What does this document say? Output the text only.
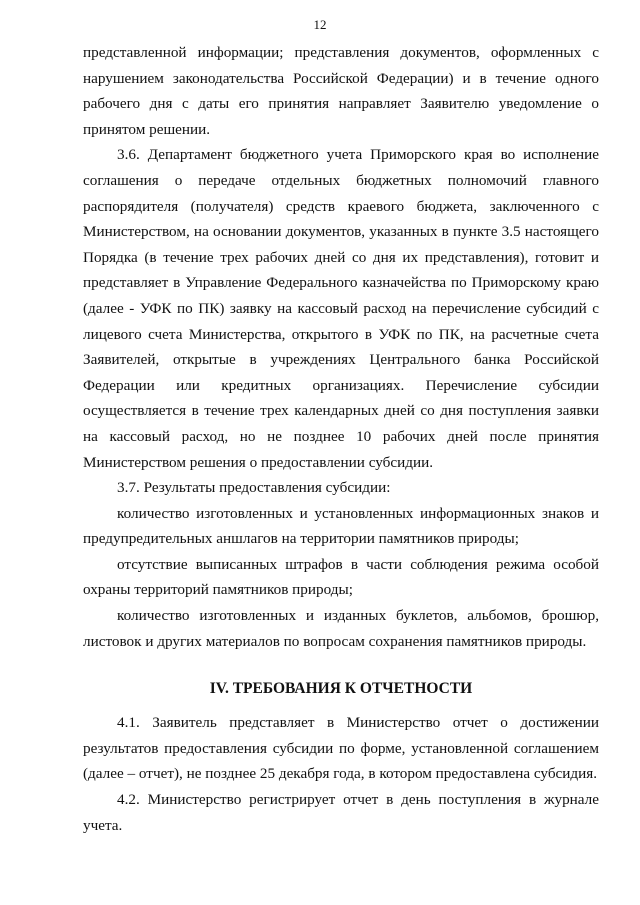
12

представленной информации; представления документов, оформленных с нарушением законодательства Российской Федерации) и в течение одного рабочего дня с даты его принятия направляет Заявителю уведомление о принятом решении.

3.6. Департамент бюджетного учета Приморского края во исполнение соглашения о передаче отдельных бюджетных полномочий главного распорядителя (получателя) средств краевого бюджета, заключенного с Министерством, на основании документов, указанных в пункте 3.5 настоящего Порядка (в течение трех рабочих дней со дня их представления), готовит и представляет в Управление Федерального казначейства по Приморскому краю (далее - УФК по ПК) заявку на кассовый расход на перечисление субсидий с лицевого счета Министерства, открытого в УФК по ПК, на расчетные счета Заявителей, открытые в учреждениях Центрального банка Российской Федерации или кредитных организациях. Перечисление субсидии осуществляется в течение трех календарных дней со дня поступления заявки на кассовый расход, но не позднее 10 рабочих дней после принятия Министерством решения о предоставлении субсидии.

3.7. Результаты предоставления субсидии:

количество изготовленных и установленных информационных знаков и предупредительных аншлагов на территории памятников природы;

отсутствие выписанных штрафов в части соблюдения режима особой охраны территорий памятников природы;

количество изготовленных и изданных буклетов, альбомов, брошюр, листовок и других материалов по вопросам сохранения памятников природы.

IV. ТРЕБОВАНИЯ К ОТЧЕТНОСТИ

4.1. Заявитель представляет в Министерство отчет о достижении результатов предоставления субсидии по форме, установленной соглашением (далее – отчет), не позднее 25 декабря года, в котором предоставлена субсидия.

4.2. Министерство регистрирует отчет в день поступления в журнале учета.
